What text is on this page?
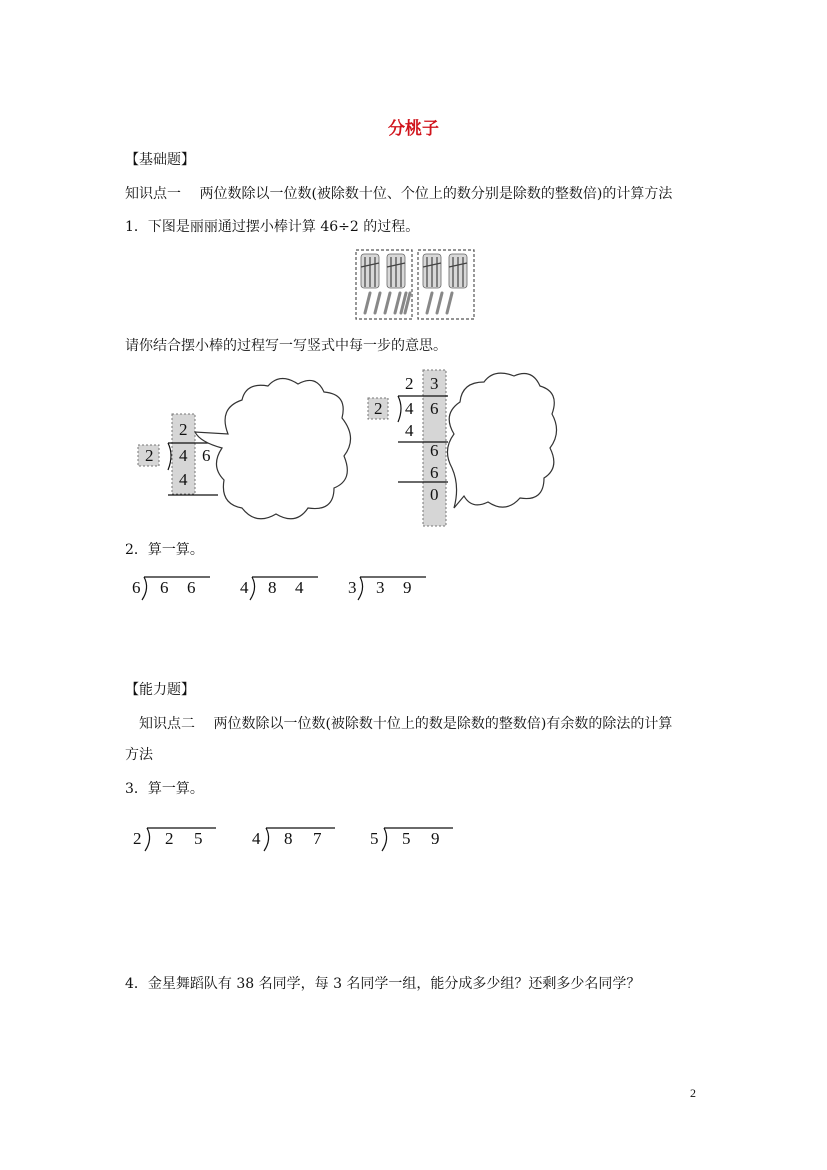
分桃子
【基础题】
知识点一　 两位数除以一位数(被除数十位、个位上的数分别是除数的整数倍)的计算方法
1．下图是丽丽通过摆小棒计算 46÷2 的过程。
请你结合摆小棒的过程写一写竖式中每一步的意思。
2
2
4 6
4
2
2 3
4 6
4
6
6
0
2．算一算。
6 6 6	4 8 4	3 3 9
【能力题】
知识点二　 两位数除以一位数(被除数十位上的数是除数的整数倍)有余数的除法的计算
方法
3．算一算。
2 2 5	4 8 7	5 5 9
4．金星舞蹈队有 38 名同学，每 3 名同学一组，能分成多少组？还剩多少名同学？
2
